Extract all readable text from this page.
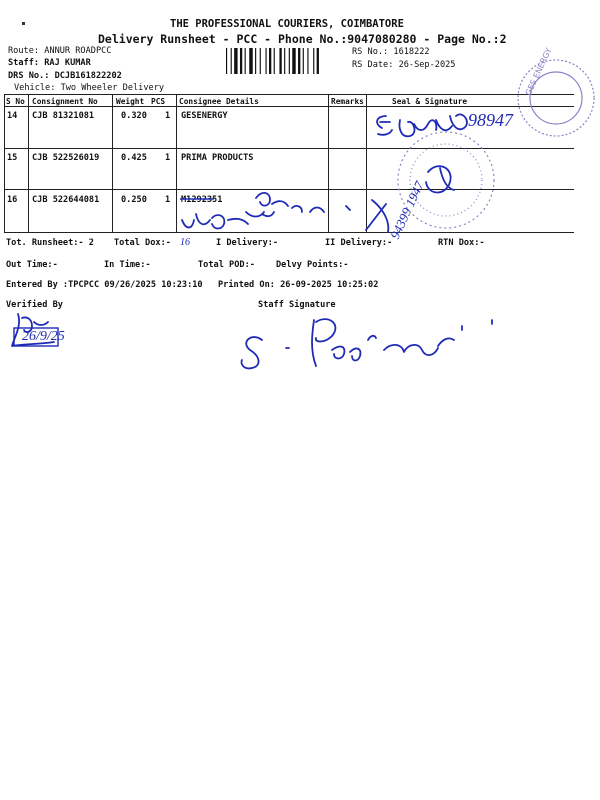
THE PROFESSIONAL COURIERS, COIMBATORE
Delivery Runsheet - PCC - Phone No.:9047080280 - Page No.:2
Route: ANNUR ROADPCC
Staff: RAJ KUMAR
DRS No.: DCJB161822202
Vehicle: Two Wheeler Delivery
RS No.: 1618222
RS Date: 26-Sep-2025
S No Consignment No Weight PCS Consignee Details	Remarks	Seal & Signature
14 CJB 81321081	0.320 1 GESENERGY
15 CJB 522526019	0.425 1 PRIMA PRODUCTS
16 CJB 522644081	0.250 1 M1292351
Tot. Runsheet:- 2 Total Dox:-	I Delivery:-	II Delivery:-	RTN Dox:-
Out Time:-	In Time:-	Total POD:- Delvy Points:-
Entered By :TPCPCC 09/26/2025 10:23:10 Printed On: 26-09-2025 10:25:02
Verified By	Staff Signature
98947
94399 1947
26/9/25
16
GES ENERGY
